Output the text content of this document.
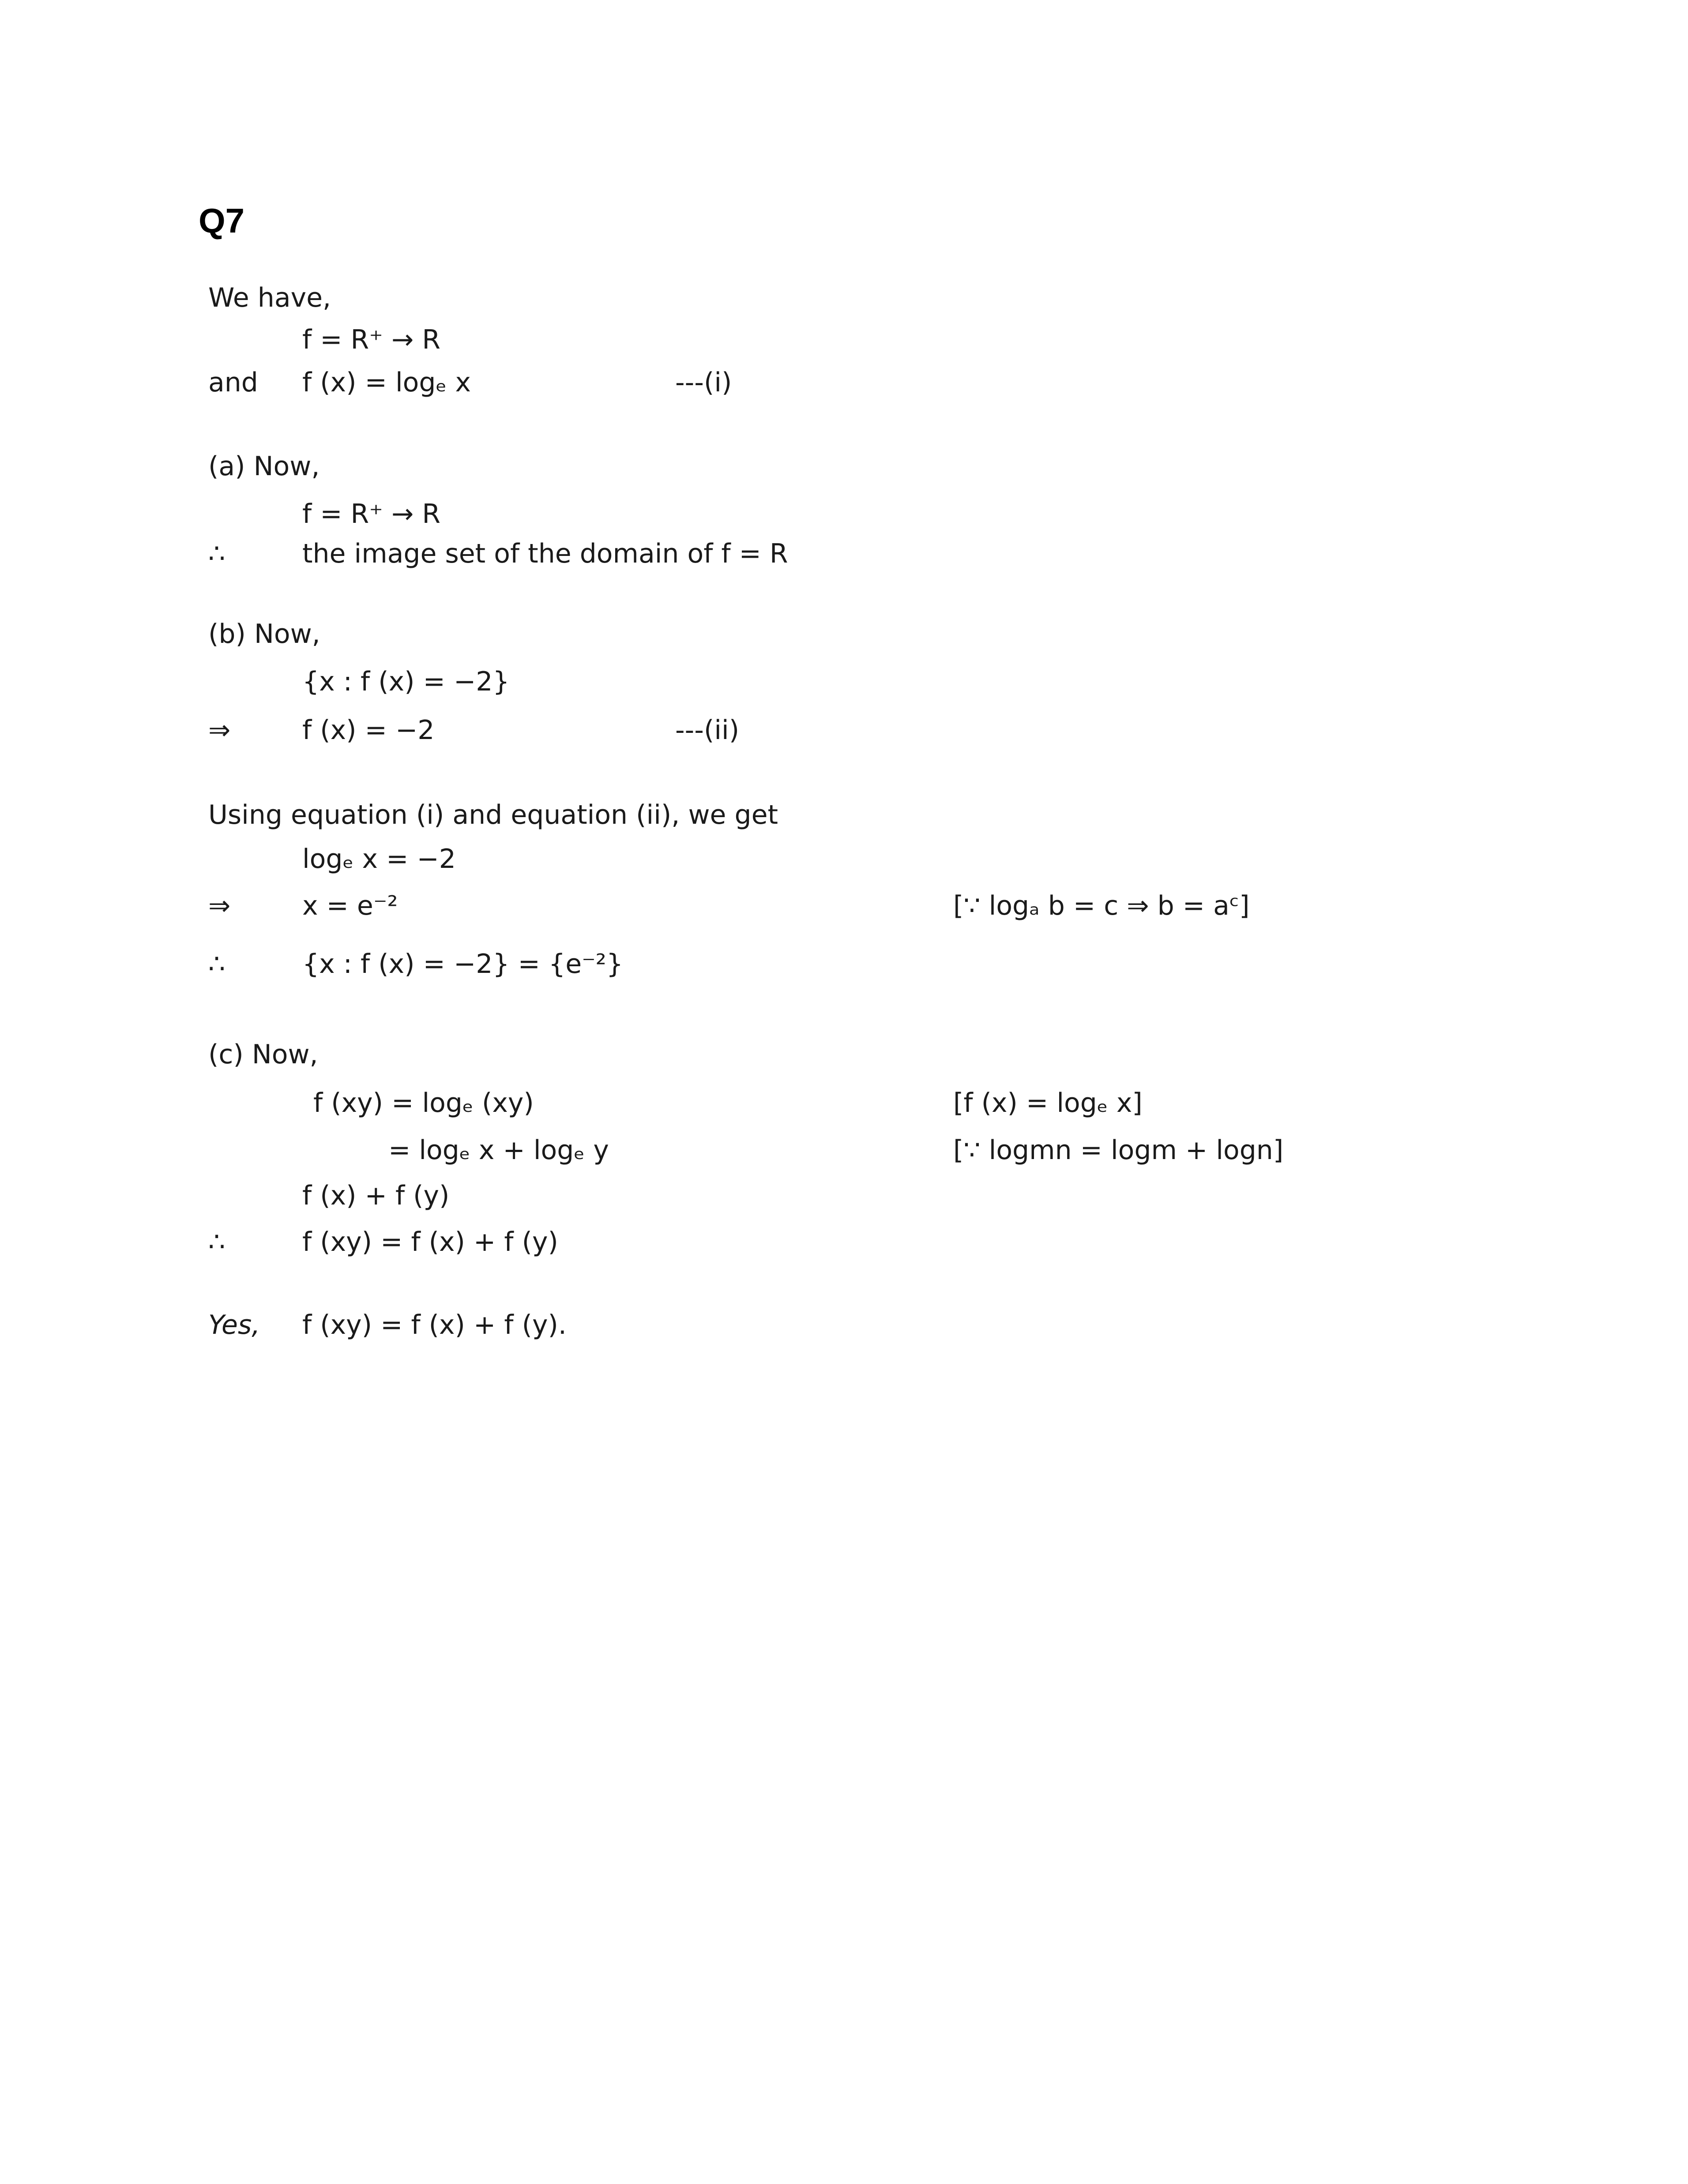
Q7
We have,
f = R⁺ → R
and f (x) = logₑ x	---(i)
(a) Now,
f = R⁺ → R
∴	the image set of the domain of f = R
(b) Now,
{x : f (x) = −2}
⇒	f (x) = −2	---(ii)
Using equation (i) and equation (ii), we get
logₑ x = −2
⇒	x = e⁻²	[∵ logₐ b = c ⇒ b = aᶜ]
∴	{x : f (x) = −2} = {e⁻²}
(c) Now,
f (xy) = logₑ (xy)	[f (x) = logₑ x]
= logₑ x + logₑ y	[∵ logmn = logm + logn]
f (x) + f (y)
∴	f (xy) = f (x) + f (y)
Yes, f (xy) = f (x) + f (y).
